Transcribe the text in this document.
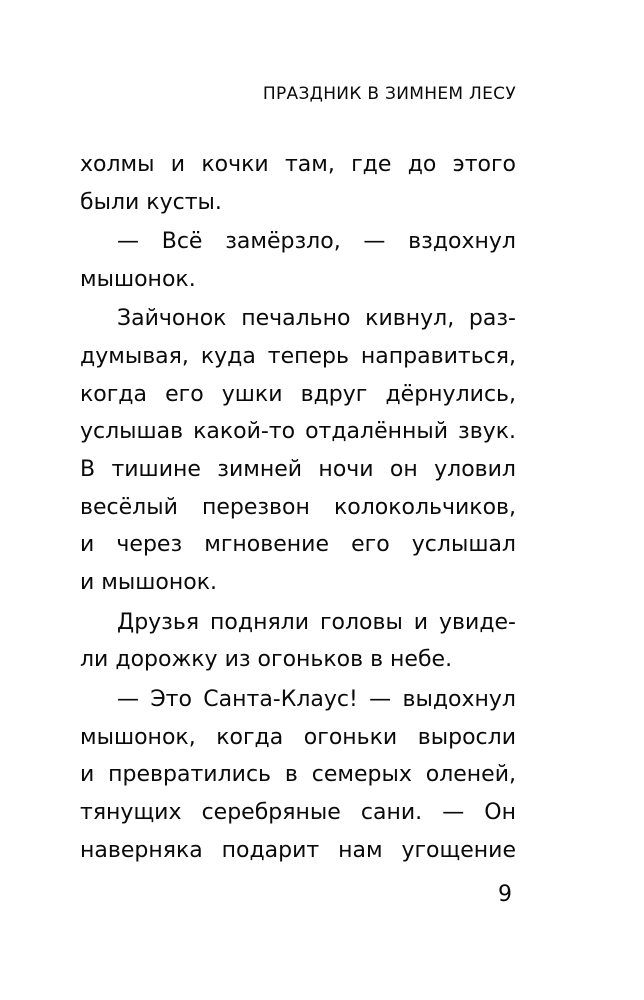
ПРАЗДНИК В ЗИМНЕМ ЛЕСУ
холмы и кочки там, где до этого
были кусты.
— Всё замёрзло, — вздохнул
мышонок.
Зайчонок печально кивнул, раз-
думывая, куда теперь направиться,
когда его ушки вдруг дёрнулись,
услышав какой-то отдалённый звук.
В тишине зимней ночи он уловил
весёлый перезвон колокольчиков,
и через мгновение его услышал
и мышонок.
Друзья подняли головы и увиде-
ли дорожку из огоньков в небе.
— Это Санта-Клаус! — выдохнул
мышонок, когда огоньки выросли
и превратились в семерых оленей,
тянущих серебряные сани. — Он
наверняка подарит нам угощение
9
